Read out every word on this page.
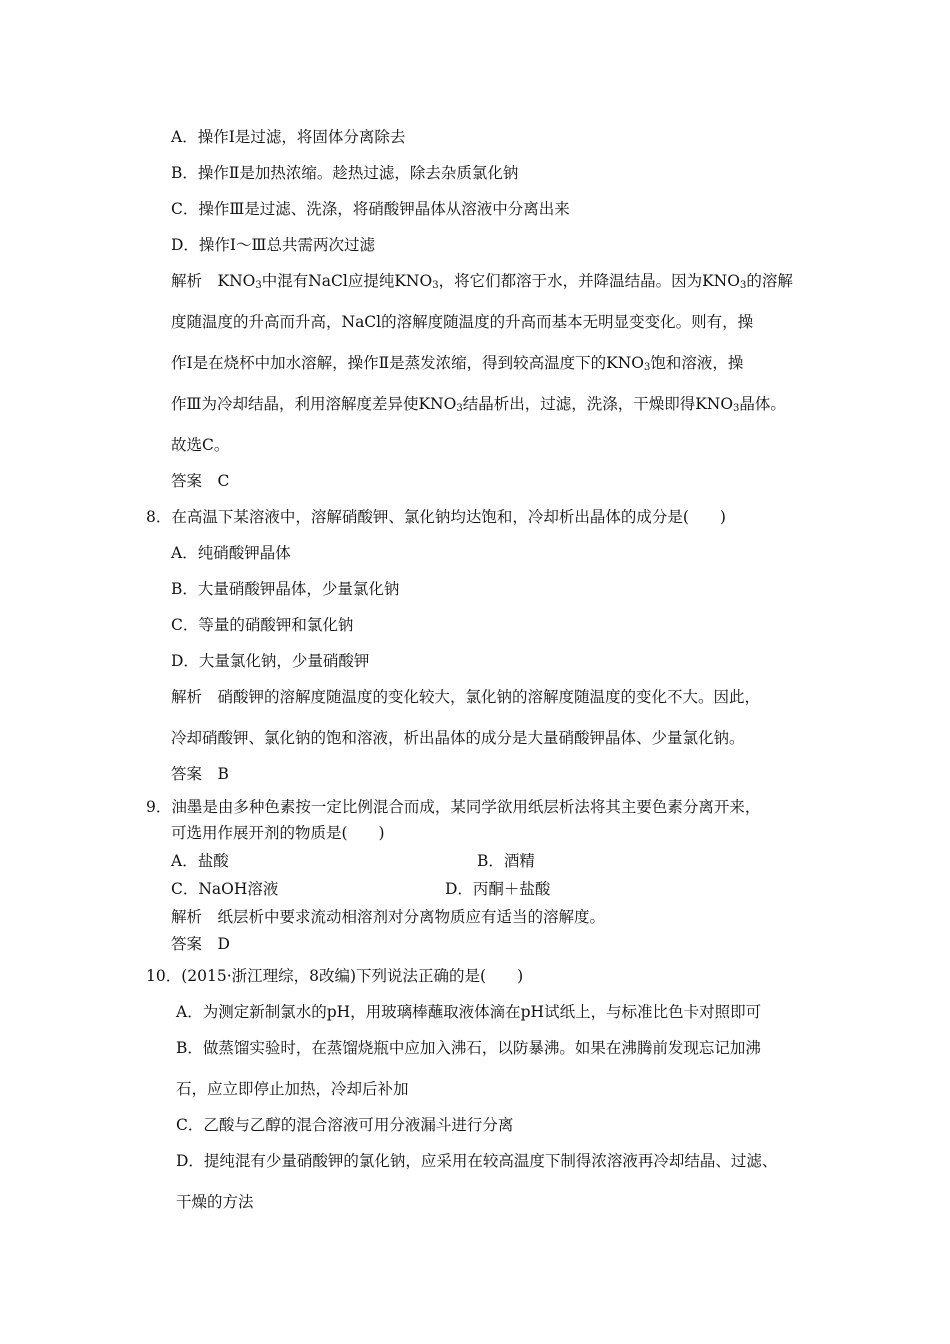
A．操作Ⅰ是过滤，将固体分离除去
B．操作Ⅱ是加热浓缩。趁热过滤，除去杂质氯化钠
C．操作Ⅲ是过滤、洗涤，将硝酸钾晶体从溶液中分离出来
D．操作Ⅰ～Ⅲ总共需两次过滤
解析　$KNO_3$中混有NaCl应提纯$KNO_3$，将它们都溶于水，并降温结晶。因为$KNO_3$的溶解
度随温度的升高而升高，NaCl的溶解度随温度的升高而基本无明显变变化。则有，操
作Ⅰ是在烧杯中加水溶解，操作Ⅱ是蒸发浓缩，得到较高温度下的$KNO_3$饱和溶液，操
作Ⅲ为冷却结晶，利用溶解度差异使$KNO_3$结晶析出，过滤，洗涤，干燥即得$KNO_3$晶体。
故选C。
答案　C
8．在高温下某溶液中，溶解硝酸钾、氯化钠均达饱和，冷却析出晶体的成分是(　　)
A．纯硝酸钾晶体
B．大量硝酸钾晶体，少量氯化钠
C．等量的硝酸钾和氯化钠
D．大量氯化钠，少量硝酸钾
解析　硝酸钾的溶解度随温度的变化较大，氯化钠的溶解度随温度的变化不大。因此，
冷却硝酸钾、氯化钠的饱和溶液，析出晶体的成分是大量硝酸钾晶体、少量氯化钠。
答案　B
9．油墨是由多种色素按一定比例混合而成，某同学欲用纸层析法将其主要色素分离开来，
可选用作展开剂的物质是(　　)
A．盐酸	B．酒精
C．NaOH溶液	D．丙酮＋盐酸
解析　纸层析中要求流动相溶剂对分离物质应有适当的溶解度。
答案　D
10．(2015·浙江理综，8改编)下列说法正确的是(　　)
A．为测定新制氯水的pH，用玻璃棒蘸取液体滴在pH试纸上，与标准比色卡对照即可
B．做蒸馏实验时，在蒸馏烧瓶中应加入沸石，以防暴沸。如果在沸腾前发现忘记加沸
石，应立即停止加热，冷却后补加
C．乙酸与乙醇的混合溶液可用分液漏斗进行分离
D．提纯混有少量硝酸钾的氯化钠，应采用在较高温度下制得浓溶液再冷却结晶、过滤、
干燥的方法
